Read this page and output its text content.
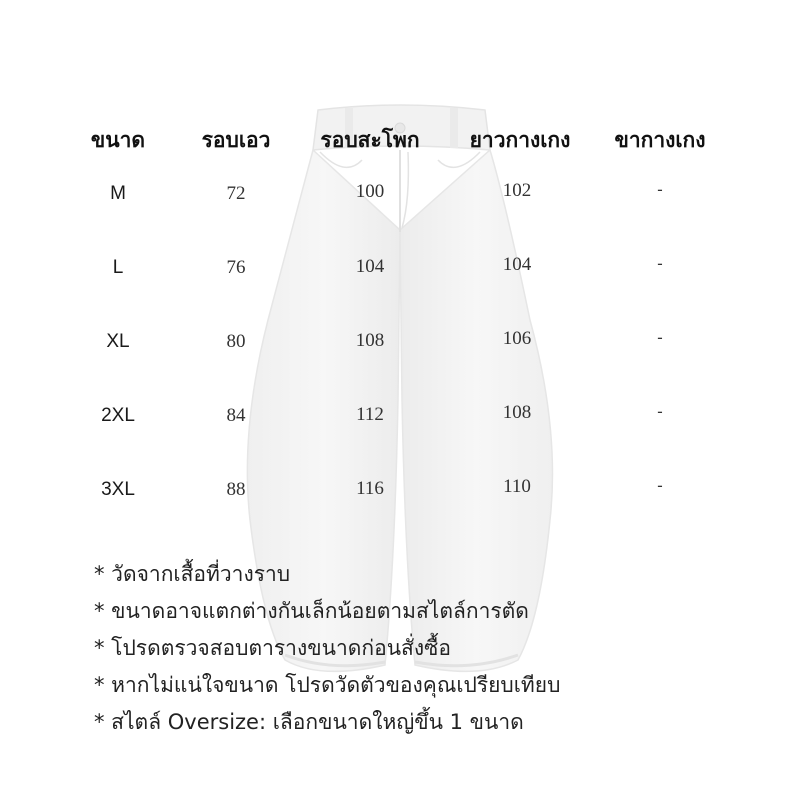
ขนาด	รอบเอว รอบสะโพก ยาวกางเกง ขากางเกง
M	72	100	102	-
L	76	104	104	-
XL	80	108	106	-
2XL	84	112	108	-
3XL	88	116	110	-
* วัดจากเสื้อที่วางราบ
* ขนาดอาจแตกต่างกันเล็กน้อยตามสไตล์การตัด
* โปรดตรวจสอบตารางขนาดก่อนสั่งซื้อ
* หากไม่แน่ใจขนาด โปรดวัดตัวของคุณเปรียบเทียบ
* สไตล์ Oversize: เลือกขนาดใหญ่ขึ้น 1 ขนาด
